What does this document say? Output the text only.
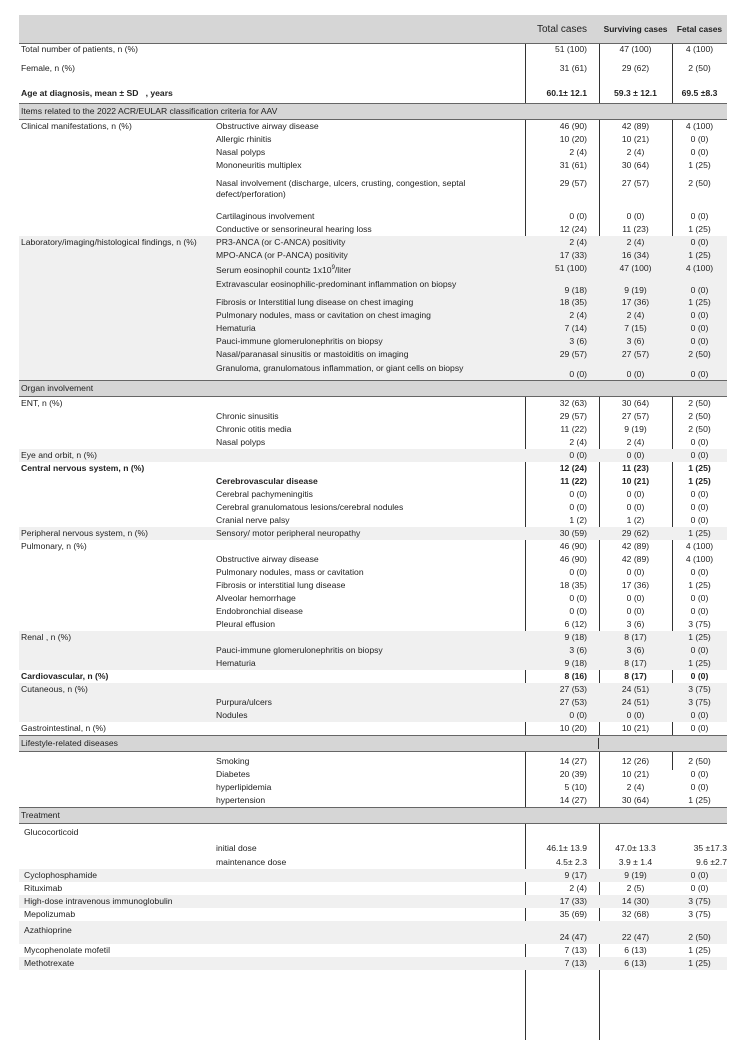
Total cases	Surviving cases	Fetal cases
Total number of patients, n (%)	51 (100)	47 (100)	4 (100)
Female, n (%)	31 (61)	29 (62)	2 (50)
Age at diagnosis, mean ± SD   , years	60.1± 12.1	59.3 ± 12.1	69.5 ±8.3
Items related to the 2022 ACR/EULAR classification criteria for AAV
Clinical manifestations, n (%)	Obstructive airway disease	46 (90)	42 (89)	4 (100)
Allergic rhinitis	10 (20)	10 (21)	0 (0)
Nasal polyps	2 (4)	2 (4)	0 (0)
Mononeuritis multiplex	31 (61)	30 (64)	1 (25)
Nasal involvement (discharge, ulcers, crusting, congestion, septal defect/perforation)
29 (57)	27 (57)	2 (50)
Cartilaginous involvement	0 (0)	0 (0)	0 (0)
Conductive or sensorineural hearing loss	12 (24)	11 (23)	1 (25)
Laboratory/imaging/histological findings, n (%)	PR3-ANCA (or C-ANCA) positivity	2 (4)	2 (4)	0 (0)
MPO-ANCA (or P-ANCA) positivity	17 (33)	16 (34)	1 (25)
Serum eosinophil count≥ $1x10^9$/liter	51 (100)	47 (100)	4 (100)
Extravascular eosinophilic-predominant inflammation on biopsy
9 (18)	9 (19)	0 (0)
Fibrosis or Interstitial lung disease on chest imaging	18 (35)	17 (36)	1 (25)
Pulmonary nodules, mass or cavitation on chest imaging	2 (4)	2 (4)	0 (0)
Hematuria	7 (14)	7 (15)	0 (0)
Pauci-immune glomerulonephritis on biopsy	3 (6)	3 (6)	0 (0)
Nasal/paranasal sinusitis or mastoiditis on imaging	29 (57)	27 (57)	2 (50)
Granuloma, granulomatous inflammation, or giant cells on biopsy
0 (0)	0 (0)	0 (0)
Organ involvement
ENT, n (%)	32 (63)	30 (64)	2 (50)
Chronic sinusitis	29 (57)	27 (57)	2 (50)
Chronic otitis media	11 (22)	9 (19)	2 (50)
Nasal polyps	2 (4)	2 (4)	0 (0)
Eye and orbit, n (%)	0 (0)	0 (0)	0 (0)
Central nervous system, n (%)	12 (24)	11 (23)	1 (25)
Cerebrovascular disease	11 (22)	10 (21)	1 (25)
Cerebral pachymeningitis	0 (0)	0 (0)	0 (0)
Cerebral granulomatous lesions/cerebral nodules	0 (0)	0 (0)	0 (0)
Cranial nerve palsy	1 (2)	1 (2)	0 (0)
Peripheral nervous system, n (%)	Sensory/ motor peripheral neuropathy	30 (59)	29 (62)	1 (25)
Pulmonary, n (%)	46 (90)	42 (89)	4 (100)
Obstructive airway disease	46 (90)	42 (89)	4 (100)
Pulmonary nodules, mass or cavitation	0 (0)	0 (0)	0 (0)
Fibrosis or interstitial lung disease	18 (35)	17 (36)	1 (25)
Alveolar hemorrhage	0 (0)	0 (0)	0 (0)
Endobronchial disease	0 (0)	0 (0)	0 (0)
Pleural effusion	6 (12)	3 (6)	3 (75)
Renal , n (%)	9 (18)	8 (17)	1 (25)
Pauci-immune glomerulonephritis on biopsy	3 (6)	3 (6)	0 (0)
Hematuria	9 (18)	8 (17)	1 (25)
Cardiovascular, n (%)	8 (16)	8 (17)	0 (0)
Cutaneous, n (%)	27 (53)	24 (51)	3 (75)
Purpura/ulcers	27 (53)	24 (51)	3 (75)
Nodules	0 (0)	0 (0)	0 (0)
Gastrointestinal, n (%)	10 (20)	10 (21)	0 (0)
Lifestyle-related diseases
Smoking	14 (27)	12 (26)	2 (50)
Diabetes	20 (39)	10 (21)	0 (0)
hyperlipidemia	5 (10)	2 (4)	0 (0)
hypertension	14 (27)	30 (64)	1 (25)
Treatment
Glucocorticoid
initial dose	46.1± 13.9	47.0± 13.3	35 ±17.3
maintenance dose	4.5± 2.3	3.9 ± 1.4	9.6 ±2.7
Cyclophosphamide	9 (17)	9 (19)	0 (0)
Rituximab	2 (4)	2 (5)	0 (0)
High-dose intravenous immunoglobulin	17 (33)	14 (30)	3 (75)
Mepolizumab	35 (69)	32 (68)	3 (75)
Azathioprine
24 (47)	22 (47)	2 (50)
Mycophenolate mofetil	7 (13)	6 (13)	1 (25)
Methotrexate	7 (13)	6 (13)	1 (25)
